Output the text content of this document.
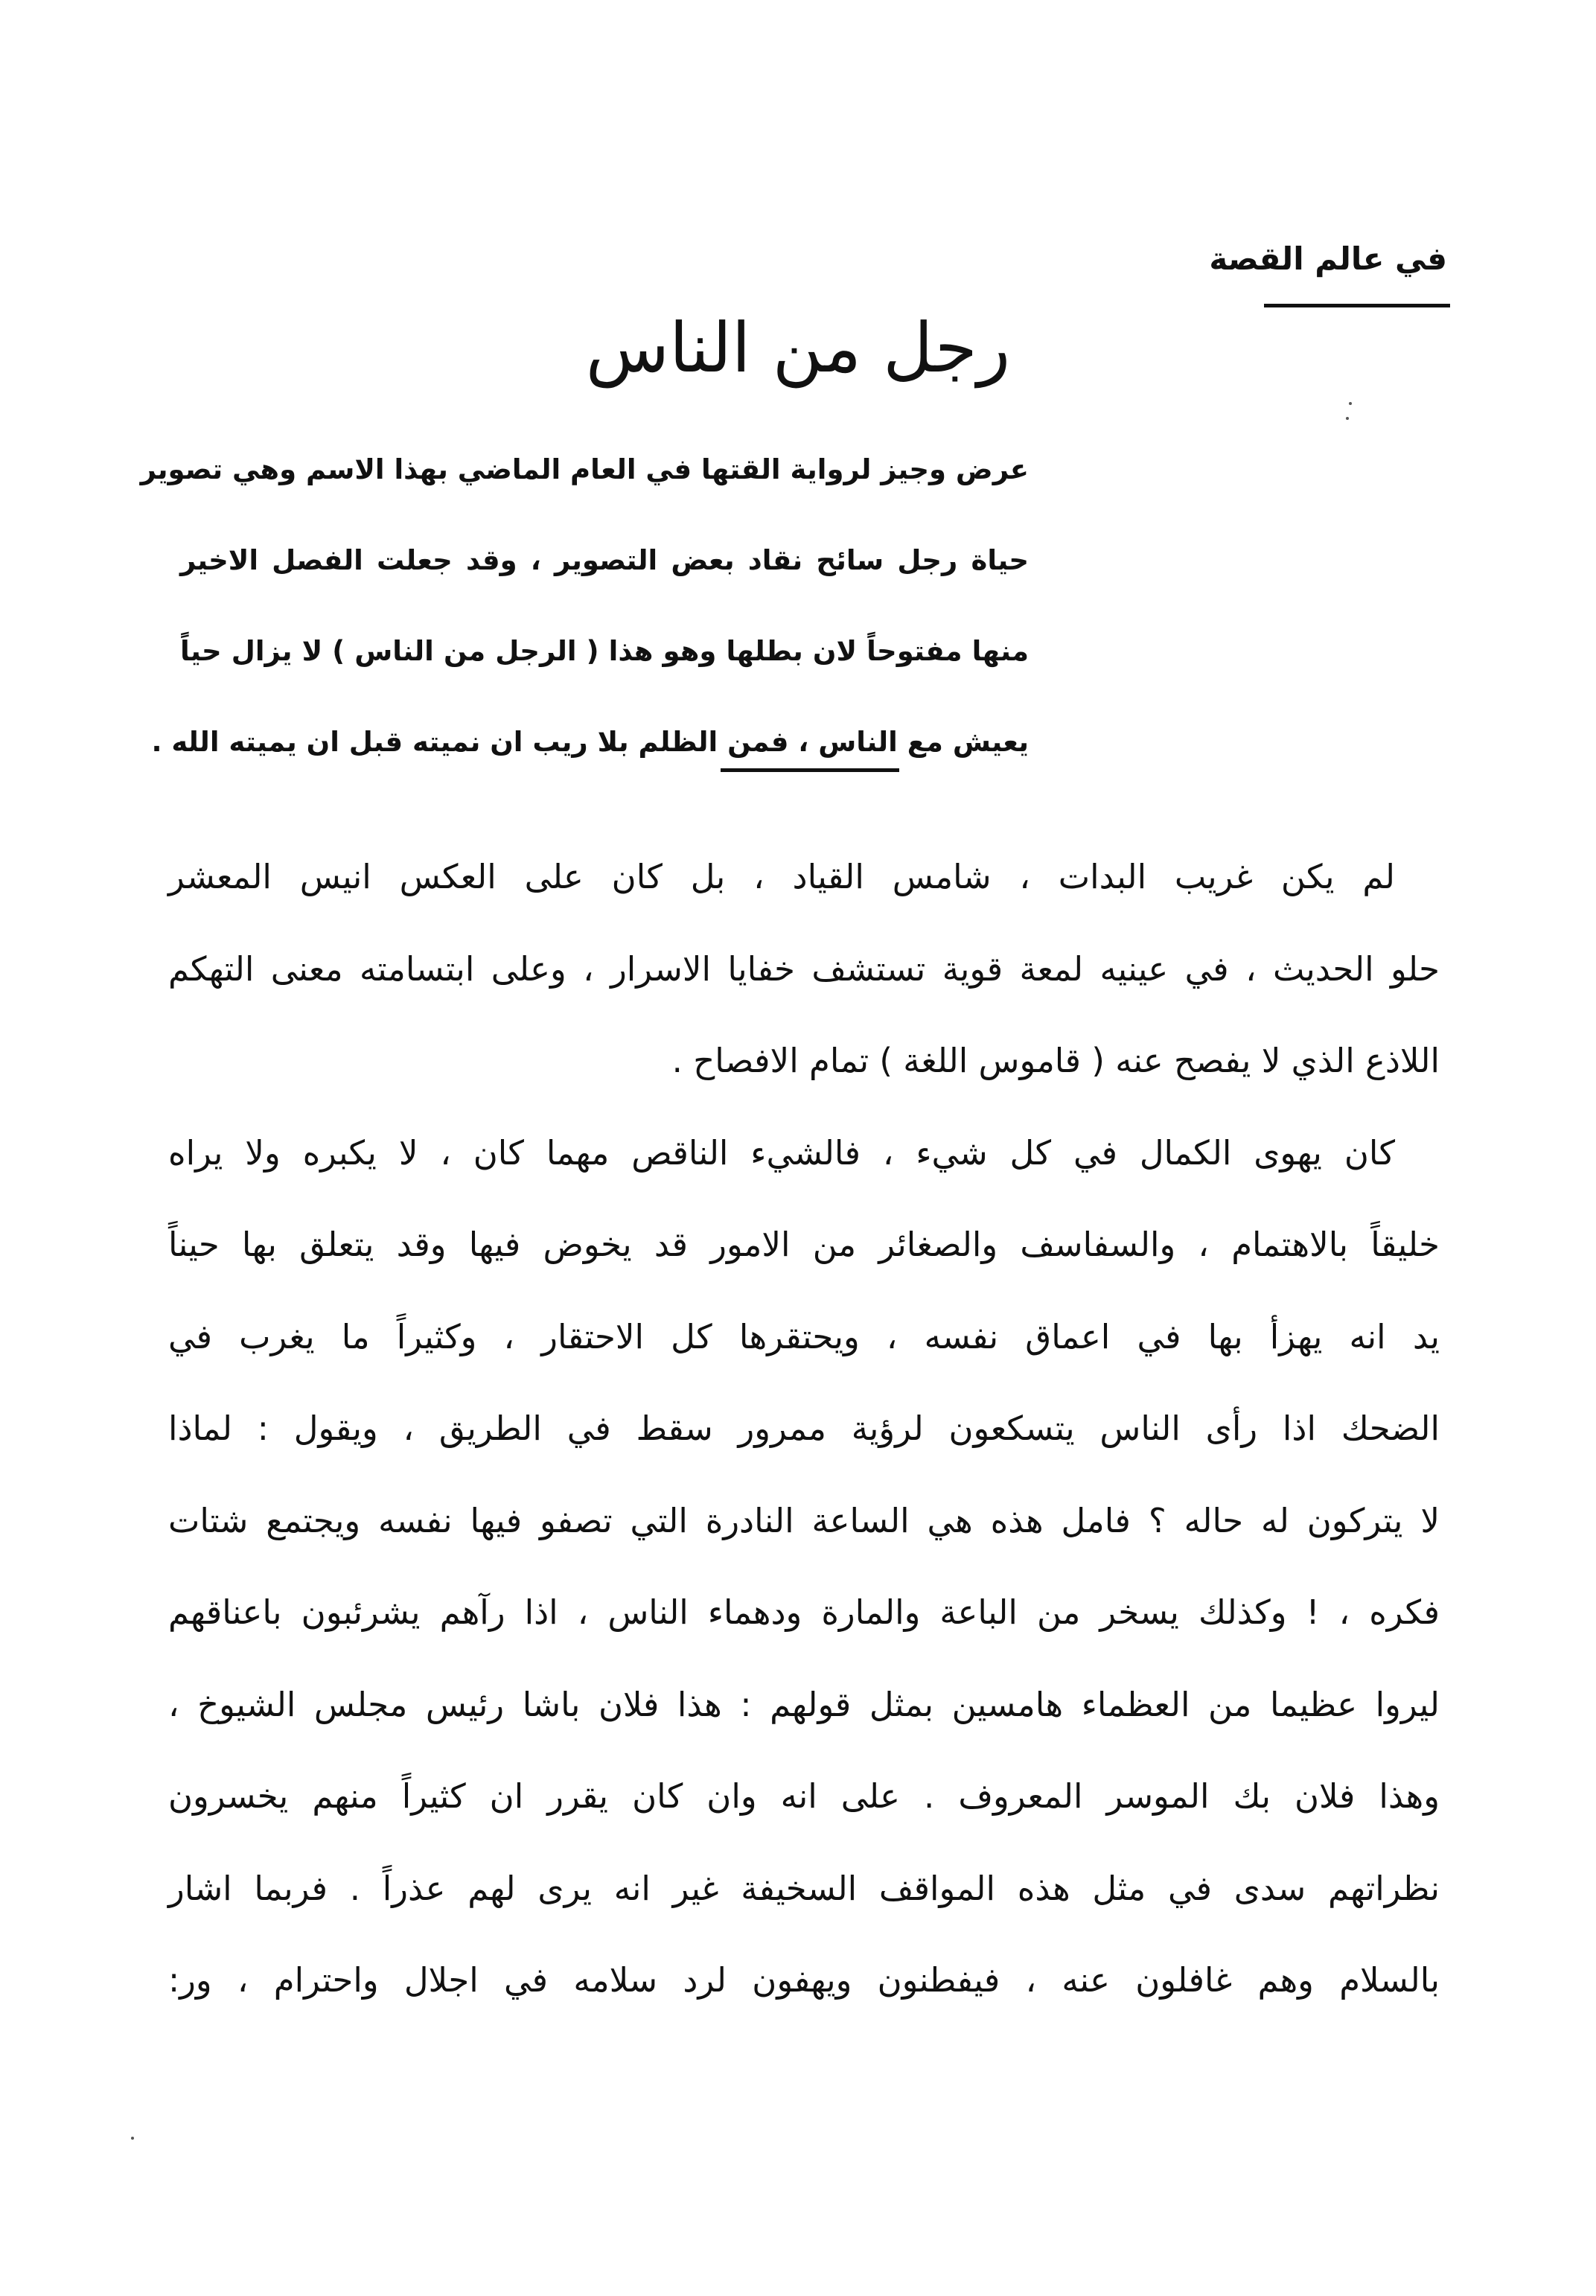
في عالم القصة
رجل من الناس
عرض وجيز لرواية القتها في العام الماضي بهذا الاسم وهي تصوير
حياة رجل سائح نقاد بعض التصوير ، وقد جعلت الفصل الاخير
منها مفتوحاً لان بطلها وهو هذا ( الرجل من الناس ) لا يزال حياً
يعيش مع الناس ، فمن الظلم بلا ريب ان نميته قبل ان يميته الله .
لم يكن غريب البدات ، شامس القياد ، بل كان على العكس انيس المعشر
حلو الحديث ، في عينيه لمعة قوية تستشف خفايا الاسرار ، وعلى ابتسامته معنى التهكم
اللاذع الذي لا يفصح عنه ( قاموس اللغة ) تمام الافصاح .
كان يهوى الكمال في كل شيء ، فالشيء الناقص مهما كان ، لا يكبره ولا يراه
خليقاً بالاهتمام ، والسفاسف والصغائر من الامور قد يخوض فيها وقد يتعلق بها حيناً
يد انه يهزأ بها في اعماق نفسه ، ويحتقرها كل الاحتقار ، وكثيراً ما يغرب في
الضحك اذا رأى الناس يتسكعون لرؤية ممرور سقط في الطريق ، ويقول : لماذا
لا يتركون له حاله ؟ فامل هذه هي الساعة النادرة التي تصفو فيها نفسه ويجتمع شتات
فكره ، ! وكذلك يسخر من الباعة والمارة ودهماء الناس ، اذا رآهم يشرئبون باعناقهم
ليروا عظيما من العظماء هامسين بمثل قولهم : هذا فلان باشا رئيس مجلس الشيوخ ،
وهذا فلان بك الموسر المعروف . على انه وان كان يقرر ان كثيراً منهم يخسرون
نظراتهم سدى في مثل هذه المواقف السخيفة غير انه يرى لهم عذراً . فربما اشار
بالسلام وهم غافلون عنه ، فيفطنون ويهفون لرد سلامه في اجلال واحترام ، ور:
